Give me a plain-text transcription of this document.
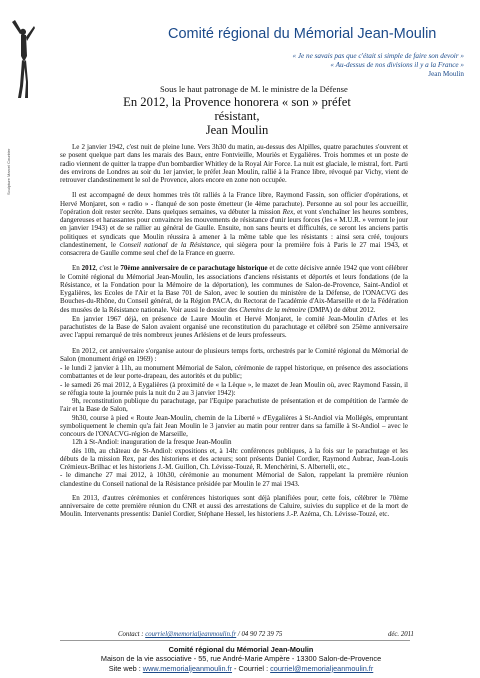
Sculpture Marcel Courbier
Comité régional du Mémorial Jean-Moulin
« Je ne savais pas que c'était si simple de faire son devoir »
« Au-dessus de nos divisions il y a la France »
Jean Moulin
Sous le haut patronage de M. le ministre de la Défense
En 2012, la Provence honorera « son » préfet résistant,
Jean Moulin

Le 2 janvier 1942, c'est nuit de pleine lune. Vers 3h30 du matin, au-dessus des Alpilles, quatre parachutes s'ouvrent et se posent quelque part dans les marais des Baux, entre Fontvieille, Mouriès et Eygalières. Trois hommes et un poste de radio viennent de quitter la trappe d'un bombardier Whitley de la Royal Air Force. La nuit est glaciale, le mistral, fort. Parti des environs de Londres au soir du 1er janvier, le préfet Jean Moulin, rallié à la France libre, révoqué par Vichy, vient de retrouver clandestinement le sol de Provence, alors encore en zone non occupée.

Il est accompagné de deux hommes très tôt ralliés à la France libre, Raymond Fassin, son officier d'opérations, et Hervé Monjaret, son « radio » - flanqué de son poste émetteur (le 4ème parachute). Personne au sol pour les accueillir, l'opération doit rester secrète. Dans quelques semaines, va débuter la mission Rex, et vont s'enchaîner les heures sombres, dangereuses et harassantes pour convaincre les mouvements de résistance d'unir leurs forces (les « M.U.R. » verront le jour en janvier 1943) et de se rallier au général de Gaulle. Ensuite, non sans heurts et difficultés, ce seront les anciens partis politiques et syndicats que Moulin réussira à amener à la même table que les résistants : ainsi sera créé, toujours clandestinement, le Conseil national de la Résistance, qui siègera pour la première fois à Paris le 27 mai 1943, et consacrera de Gaulle comme seul chef de la France en guerre.

En 2012, c'est le 70ème anniversaire de ce parachutage historique et de cette décisive année 1942 que vont célébrer le Comité régional du Mémorial Jean-Moulin, les associations d'anciens résistants et déportés et leurs fondations (de la Résistance, et la Fondation pour la Mémoire de la déportation), les communes de Salon-de-Provence, Saint-Andiol et Eygalières, les Ecoles de l'Air et la Base 701 de Salon, avec le soutien du ministère de la Défense, de l'ONACVG des Bouches-du-Rhône, du Conseil général, de la Région PACA, du Rectorat de l'académie d'Aix-Marseille et de la Fédération des musées de la Résistance nationale. Voir aussi le dossier des Chemins de la mémoire (DMPA) de début 2012.

En janvier 1967 déjà, en présence de Laure Moulin et Hervé Monjaret, le comité Jean-Moulin d'Arles et les parachutistes de la Base de Salon avaient organisé une reconstitution du parachutage et célébré son 25ème anniversaire avec l'appui remarqué de très nombreux jeunes Arlésiens et de leurs professeurs.

En 2012, cet anniversaire s'organise autour de plusieurs temps forts, orchestrés par le Comité régional du Mémorial de Salon (monument érigé en 1969) :

- le lundi 2 janvier à 11h, au monument Mémorial de Salon, cérémonie de rappel historique, en présence des associations combattantes et de leur porte-drapeau, des autorités et du public;
- le samedi 26 mai 2012, à Eygalières (à proximité de « la Lèque », le mazet de Jean Moulin où, avec Raymond Fassin, il se réfugia toute la journée puis la nuit du 2 au 3 janvier 1942):
9h, reconstitution publique du parachutage, par l'Equipe parachutiste de présentation et de compétition de l'armée de l'air et la Base de Salon,
9h30, course à pied « Route Jean-Moulin, chemin de la Liberté » d'Eygalières à St-Andiol via Mollégès, empruntant symboliquement le chemin qu'a fait Jean Moulin le 3 janvier au matin pour rentrer dans sa famille à St-Andiol – avec le concours de l'ONACVG-région de Marseille,
12h à St-Andiol: inauguration de la fresque Jean-Moulin
dès 10h, au château de St-Andiol: expositions et, à 14h: conférences publiques, à la fois sur le parachutage et les débuts de la mission Rex, par des historiens et des acteurs; sont présents Daniel Cordier, Raymond Aubrac, Jean-Louis Crémieux-Brilhac et les historiens J.-M. Guillon, Ch. Lévisse-Touzé, R. Menchérini, S. Albertelli, etc.,
- le dimanche 27 mai 2012, à 10h30, cérémonie au monument Mémorial de Salon, rappelant la première réunion clandestine du Conseil national de la Résistance présidée par Moulin le 27 mai 1943.

En 2013, d'autres cérémonies et conférences historiques sont déjà planifiées pour, cette fois, célébrer le 70ème anniversaire de cette première réunion du CNR et aussi des arrestations de Caluire, suivies du supplice et de la mort de Moulin. Intervenants pressentis: Daniel Cordier, Stéphane Hessel, les historiens J.-P. Azéma, Ch. Lévisse-Touzé, etc.

Contact : courriel@memorialjeanmoulin.fr / 04 90 72 39 75	déc. 2011
Comité régional du Mémorial Jean-Moulin
Maison de la vie associative - 55, rue André-Marie Ampère - 13300 Salon-de-Provence
Site web : www.memorialjeanmoulin.fr - Courriel : courriel@memorialjeanmoulin.fr
